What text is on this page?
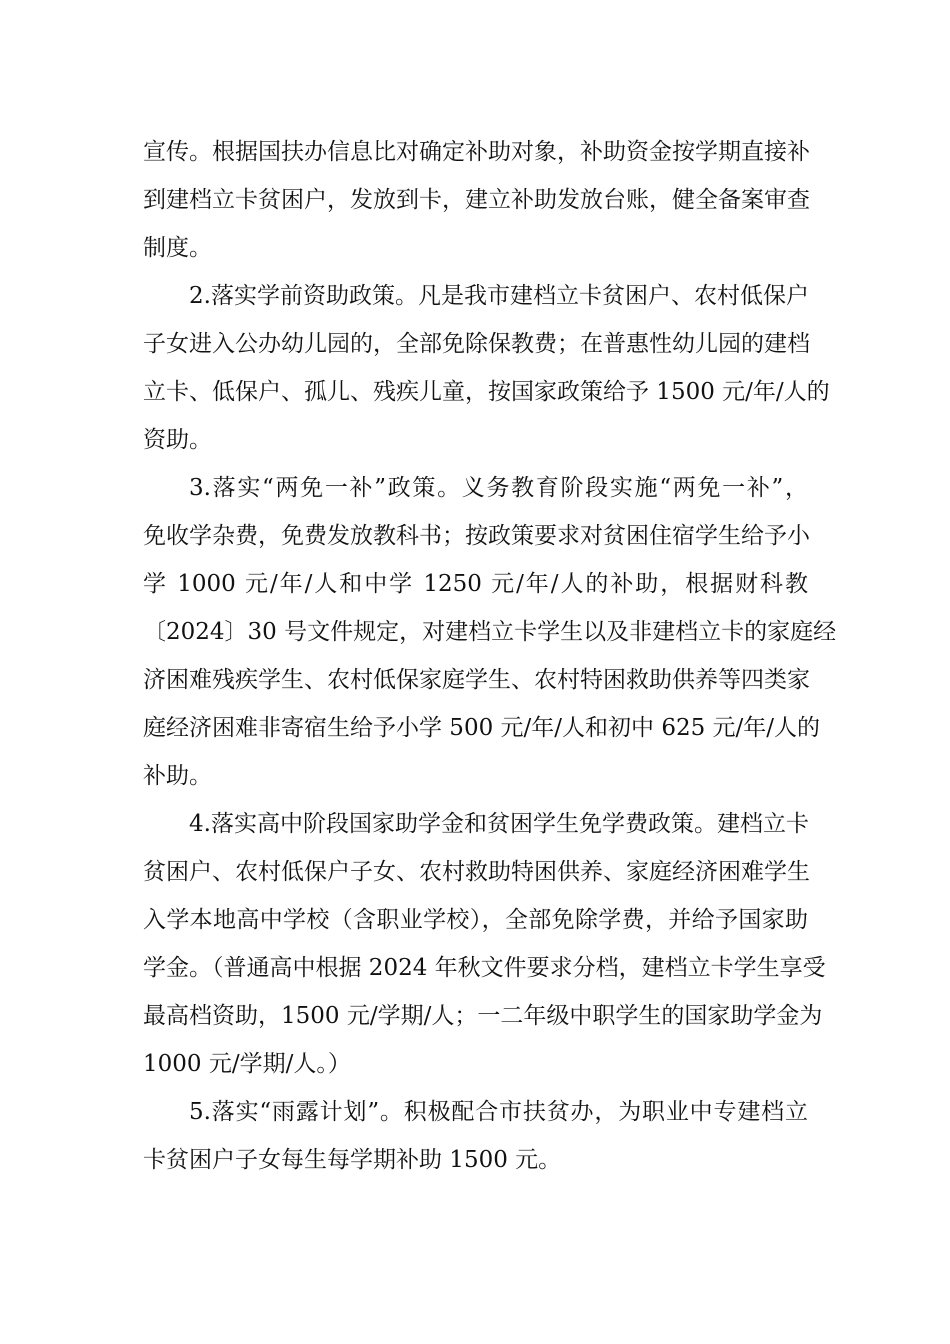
宣传。根据国扶办信息比对确定补助对象，补助资金按学期直接补
到建档立卡贫困户，发放到卡，建立补助发放台账，健全备案审查
制度。
2.落实学前资助政策。凡是我市建档立卡贫困户、农村低保户
子女进入公办幼儿园的，全部免除保教费；在普惠性幼儿园的建档
立卡、低保户、孤儿、残疾儿童，按国家政策给予 1500 元/年/人的
资助。
3.落实“两免一补”政策。义务教育阶段实施“两免一补”，
免收学杂费，免费发放教科书；按政策要求对贫困住宿学生给予小
学 1000 元/年/人和中学 1250 元/年/人的补助，根据财科教
〔2024〕30 号文件规定，对建档立卡学生以及非建档立卡的家庭经
济困难残疾学生、农村低保家庭学生、农村特困救助供养等四类家
庭经济困难非寄宿生给予小学 500 元/年/人和初中 625 元/年/人的
补助。
4.落实高中阶段国家助学金和贫困学生免学费政策。建档立卡
贫困户、农村低保户子女、农村救助特困供养、家庭经济困难学生
入学本地高中学校（含职业学校），全部免除学费，并给予国家助
学金。（普通高中根据 2024 年秋文件要求分档，建档立卡学生享受
最高档资助，1500 元/学期/人；一二年级中职学生的国家助学金为
1000 元/学期/人。）
5.落实“雨露计划”。积极配合市扶贫办，为职业中专建档立
卡贫困户子女每生每学期补助 1500 元。
